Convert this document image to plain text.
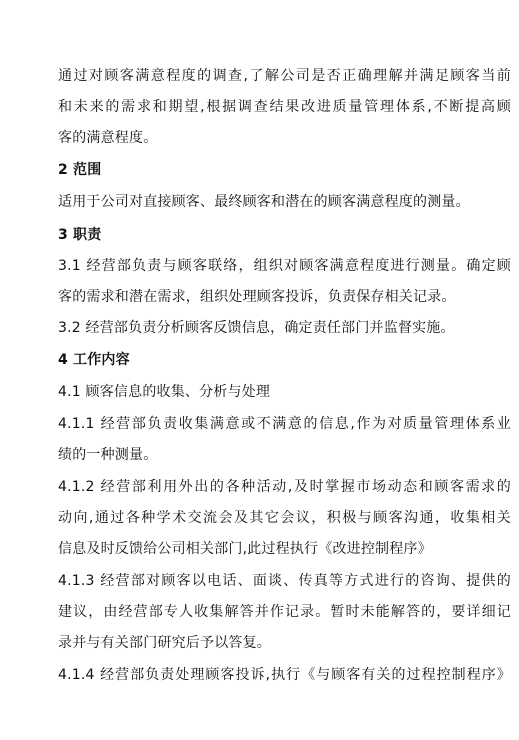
通过对顾客满意程度的调查,了解公司是否正确理解并满足顾客当前
和未来的需求和期望,根据调查结果改进质量管理体系,不断提高顾
客的满意程度。
2 范围
适用于公司对直接顾客、最终顾客和潜在的顾客满意程度的测量。
3 职责
3.1 经营部负责与顾客联络，组织对顾客满意程度进行测量。确定顾
客的需求和潜在需求，组织处理顾客投诉，负责保存相关记录。
3.2 经营部负责分析顾客反馈信息，确定责任部门并监督实施。
4 工作内容
4.1 顾客信息的收集、分析与处理
4.1.1 经营部负责收集满意或不满意的信息,作为对质量管理体系业
绩的一种测量。
4.1.2 经营部利用外出的各种活动,及时掌握市场动态和顾客需求的
动向,通过各种学术交流会及其它会议，积极与顾客沟通，收集相关
信息及时反馈给公司相关部门,此过程执行《改进控制程序》
4.1.3 经营部对顾客以电话、面谈、传真等方式进行的咨询、提供的
建议，由经营部专人收集解答并作记录。暂时未能解答的，要详细记
录并与有关部门研究后予以答复。
4.1.4 经营部负责处理顾客投诉,执行《与顾客有关的过程控制程序》
